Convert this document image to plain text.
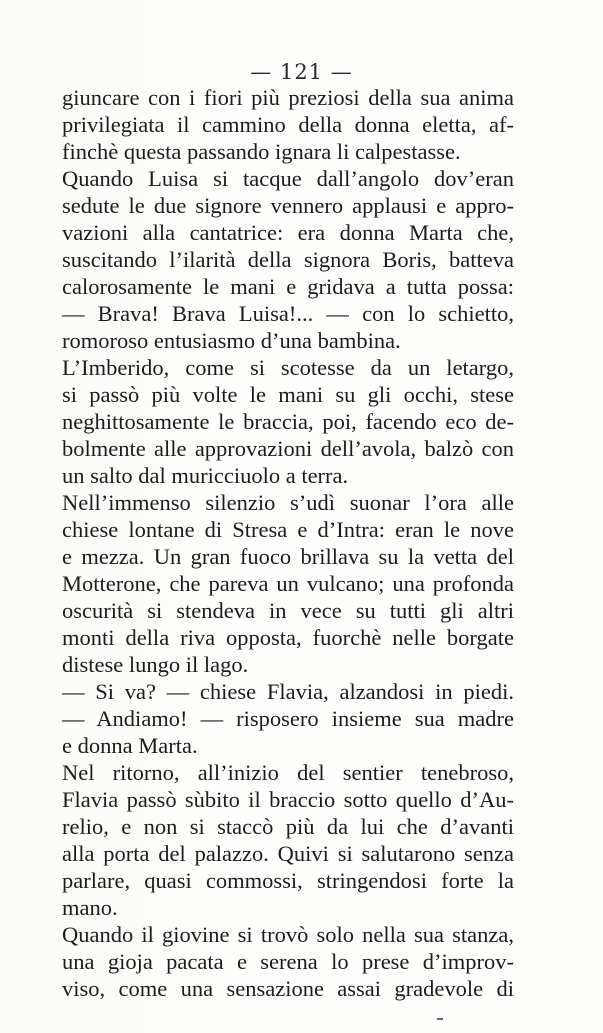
— 121 —
giuncare con i fiori più preziosi della sua anima
privilegiata il cammino della donna eletta, af-
finchè questa passando ignara li calpestasse.
Quando Luisa si tacque dall’angolo dov’eran
sedute le due signore vennero applausi e appro-
vazioni alla cantatrice: era donna Marta che,
suscitando l’ilarità della signora Boris, batteva
calorosamente le mani e gridava a tutta possa:
— Brava! Brava Luisa!... — con lo schietto,
romoroso entusiasmo d’una bambina.
L’Imberido, come si scotesse da un letargo,
si passò più volte le mani su gli occhi, stese
neghittosamente le braccia, poi, facendo eco de-
bolmente alle approvazioni dell’avola, balzò con
un salto dal muricciuolo a terra.
Nell’immenso silenzio s’udì suonar l’ora alle
chiese lontane di Stresa e d’Intra: eran le nove
e mezza. Un gran fuoco brillava su la vetta del
Motterone, che pareva un vulcano; una profonda
oscurità si stendeva in vece su tutti gli altri
monti della riva opposta, fuorchè nelle borgate
distese lungo il lago.
— Si va? — chiese Flavia, alzandosi in piedi.
— Andiamo! — risposero insieme sua madre
e donna Marta.
Nel ritorno, all’inizio del sentier tenebroso,
Flavia passò sùbito il braccio sotto quello d’Au-
relio, e non si staccò più da lui che d’avanti
alla porta del palazzo. Quivi si salutarono senza
parlare, quasi commossi, stringendosi forte la
mano.
Quando il giovine si trovò solo nella sua stanza,
una gioja pacata e serena lo prese d’improv-
viso, come una sensazione assai gradevole di
